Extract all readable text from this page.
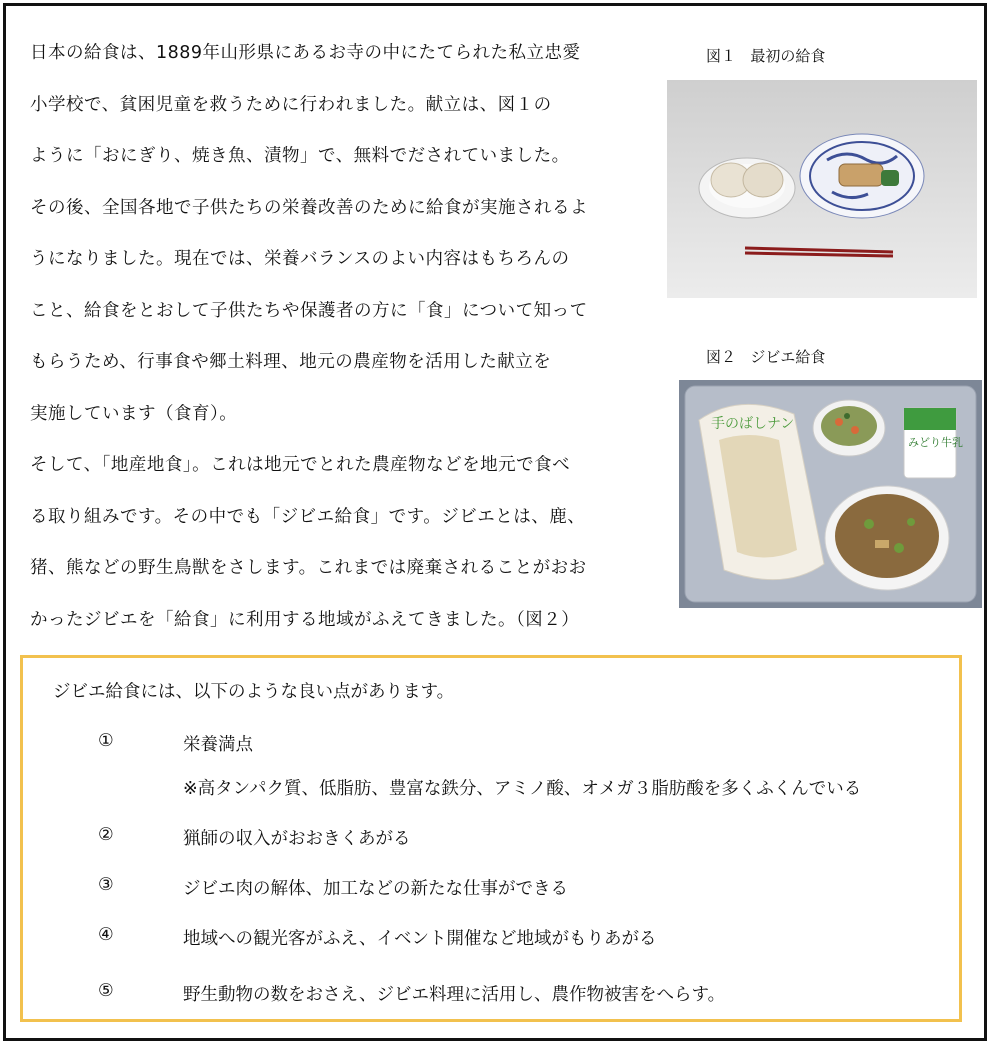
日本の給食は、1889年山形県にあるお寺の中にたてられた私立忠愛
小学校で、貧困児童を救うために行われました。献立は、図１の
ように「おにぎり、焼き魚、漬物」で、無料でだされていました。
その後、全国各地で子供たちの栄養改善のために給食が実施されるよ
うになりました。現在では、栄養バランスのよい内容はもちろんの
こと、給食をとおして子供たちや保護者の方に「食」について知って
もらうため、行事食や郷土料理、地元の農産物を活用した献立を
実施しています（食育）。
そして、「地産地食」。これは地元でとれた農産物などを地元で食べ
る取り組みです。その中でも「ジビエ給食」です。ジビエとは、鹿、
猪、熊などの野生鳥獣をさします。これまでは廃棄されることがおお
かったジビエを「給食」に利用する地域がふえてきました。（図２）
図１ 最初の給食
図２ ジビエ給食
手のばしナン
みどり牛乳
ジビエ給食には、以下のような良い点があります。
①	栄養満点
※高タンパク質、低脂肪、豊富な鉄分、アミノ酸、オメガ３脂肪酸を多くふくんでいる
②	猟師の収入がおおきくあがる
③	ジビエ肉の解体、加工などの新たな仕事ができる
④	地域への観光客がふえ、イベント開催など地域がもりあがる
⑤	野生動物の数をおさえ、ジビエ料理に活用し、農作物被害をへらす。
